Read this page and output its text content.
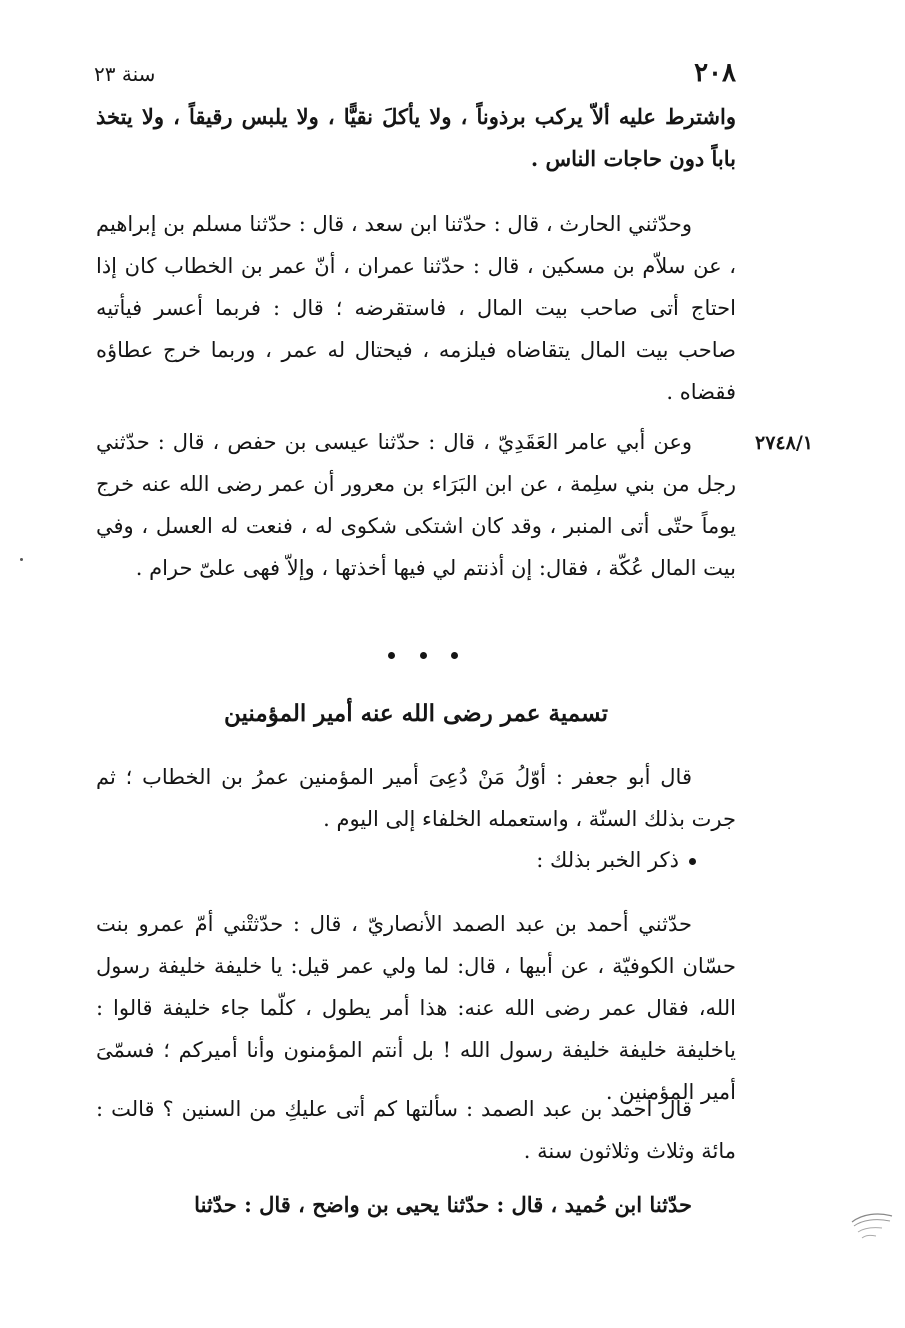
٢٠٨
سنة ٢٣

واشترط عليه ألاّ يركب برذوناً ، ولا يأكلَ نقيًّا ، ولا يلبس رقيقاً ، ولا يتخذ باباً دون حاجات الناس .

وحدّثني الحارث ، قال : حدّثنا ابن سعد ، قال : حدّثنا مسلم بن إبراهيم ، عن سلاّم بن مسكين ، قال : حدّثنا عمران ، أنّ عمر بن الخطاب كان إذا احتاج أتى صاحب بيت المال ، فاستقرضه ؛ قال : فربما أعسر فيأتيه صاحب بيت المال يتقاضاه فيلزمه ، فيحتال له عمر ، وربما خرج عطاؤه فقضاه .

٢٧٤٨/١

وعن أبي عامر العَقَدِيّ ، قال : حدّثنا عيسى بن حفص ، قال : حدّثني رجل من بني سلِمة ، عن ابن البَرَاء بن معرور أن عمر رضى الله عنه خرج يوماً حتّى أتى المنبر ، وقد كان اشتكى شكوى له ، فنعت له العسل ، وفي بيت المال عُكّة ، فقال: إن أذنتم لي فيها أخذتها ، وإلاّ فهى علىّ حرام .

تسمية عمر رضى الله عنه أمير المؤمنين

قال أبو جعفر : أوّلُ مَنْ دُعِىَ أمير المؤمنين عمرُ بن الخطاب ؛ ثم جرت بذلك السنّة ، واستعمله الخلفاء إلى اليوم .

ذكر الخبر بذلك :

حدّثني أحمد بن عبد الصمد الأنصاريّ ، قال : حدّثتْني أمّ عمرو بنت حسّان الكوفيّة ، عن أبيها ، قال: لما ولي عمر قيل: يا خليفة خليفة رسول الله، فقال عمر رضى الله عنه: هذا أمر يطول ، كلّما جاء خليفة قالوا : ياخليفة خليفة خليفة رسول الله ! بل أنتم المؤمنون وأنا أميركم ؛ فسمّىَ أمير المؤمنين .

قال أحمد بن عبد الصمد : سألتها كم أتى عليكِ من السنين ؟ قالت : مائة وثلاث وثلاثون سنة .

حدّثنا ابن حُميد ، قال : حدّثنا يحيى بن واضح ، قال : حدّثنا
